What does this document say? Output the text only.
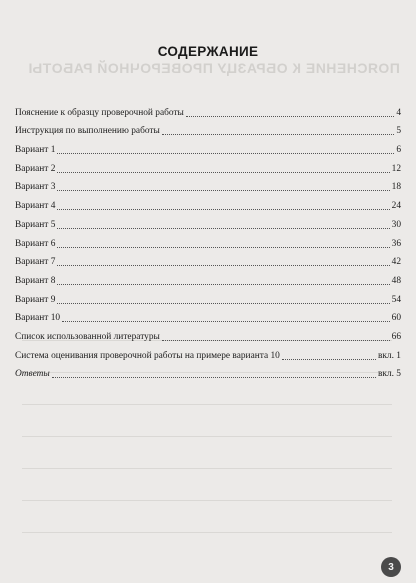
ПОЯСНЕНИЕ К ОБРАЗЦУ ПРОВЕРОЧНОЙ РАБОТЫ
СОДЕРЖАНИЕ
Пояснение к образцу проверочной работы	4
Инструкция по выполнению работы	5
Вариант 1	6
Вариант 2	12
Вариант 3	18
Вариант 4	24
Вариант 5	30
Вариант 6	36
Вариант 7	42
Вариант 8	48
Вариант 9	54
Вариант 10	60
Список использованной литературы	66
Система оценивания проверочной работы на примере варианта 10	вкл. 1
Ответы	вкл. 5
3
